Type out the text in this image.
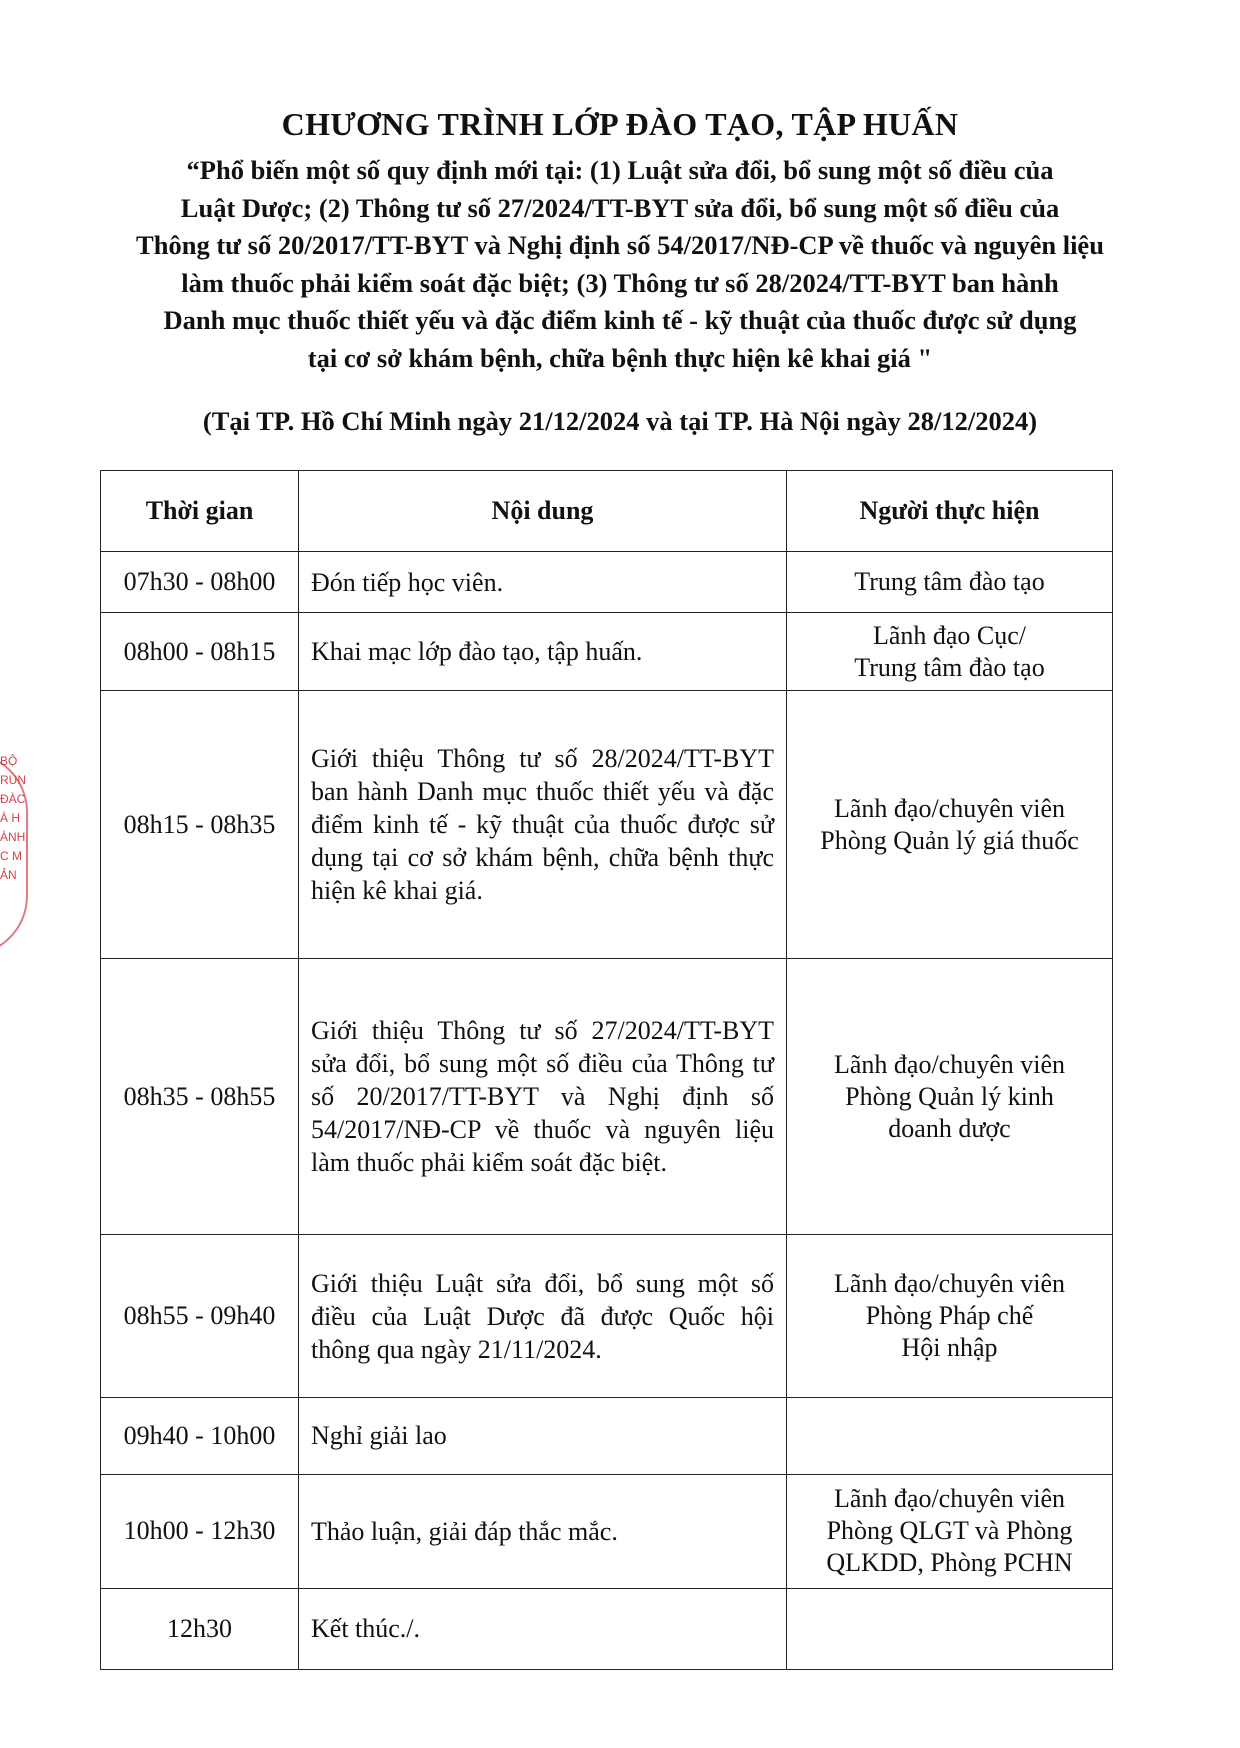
CHƯƠNG TRÌNH LỚP ĐÀO TẠO, TẬP HUẤN
“Phổ biến một số quy định mới tại: (1) Luật sửa đổi, bổ sung một số điều của
Luật Dược; (2) Thông tư số 27/2024/TT-BYT sửa đổi, bổ sung một số điều của
Thông tư số 20/2017/TT-BYT và Nghị định số 54/2017/NĐ-CP về thuốc và nguyên liệu
làm thuốc phải kiểm soát đặc biệt; (3) Thông tư số 28/2024/TT-BYT ban hành
Danh mục thuốc thiết yếu và đặc điểm kinh tế - kỹ thuật của thuốc được sử dụng
tại cơ sở khám bệnh, chữa bệnh thực hiện kê khai giá "
(Tại TP. Hồ Chí Minh ngày 21/12/2024 và tại TP. Hà Nội ngày 28/12/2024)
Thời gian	Nội dung	Người thực hiện
07h30 - 08h00	Đón tiếp học viên.	Trung tâm đào tạo

08h00 - 08h15	Khai mạc lớp đào tạo, tập huấn.	Lãnh đạo Cục/
Trung tâm đào tạo

08h15 - 08h35	Giới thiệu Thông tư số 28/2024/TT-BYT ban hành Danh mục thuốc thiết yếu và đặc điểm kinh tế - kỹ thuật của thuốc được sử dụng tại cơ sở khám bệnh, chữa bệnh thực hiện kê khai giá.	Lãnh đạo/chuyên viên
Phòng Quản lý giá thuốc

08h35 - 08h55	Giới thiệu Thông tư số 27/2024/TT-BYT sửa đổi, bổ sung một số điều của Thông tư số 20/2017/TT-BYT và Nghị định số 54/2017/NĐ-CP về thuốc và nguyên liệu làm thuốc phải kiểm soát đặc biệt.	Lãnh đạo/chuyên viên
Phòng Quản lý kinh
doanh dược

08h55 - 09h40	Giới thiệu Luật sửa đổi, bổ sung một số điều của Luật Dược đã được Quốc hội thông qua ngày 21/11/2024.	Lãnh đạo/chuyên viên
Phòng Pháp chế
Hội nhập

09h40 - 10h00	Nghỉ giải lao	
10h00 - 12h30	Thảo luận, giải đáp thắc mắc.	Lãnh đạo/chuyên viên
Phòng QLGT và Phòng
QLKDD, Phòng PCHN

12h30	Kết thúc./.	
BỘ
RUN
ĐÀC
À H
ÀNH
C M
ẢN
